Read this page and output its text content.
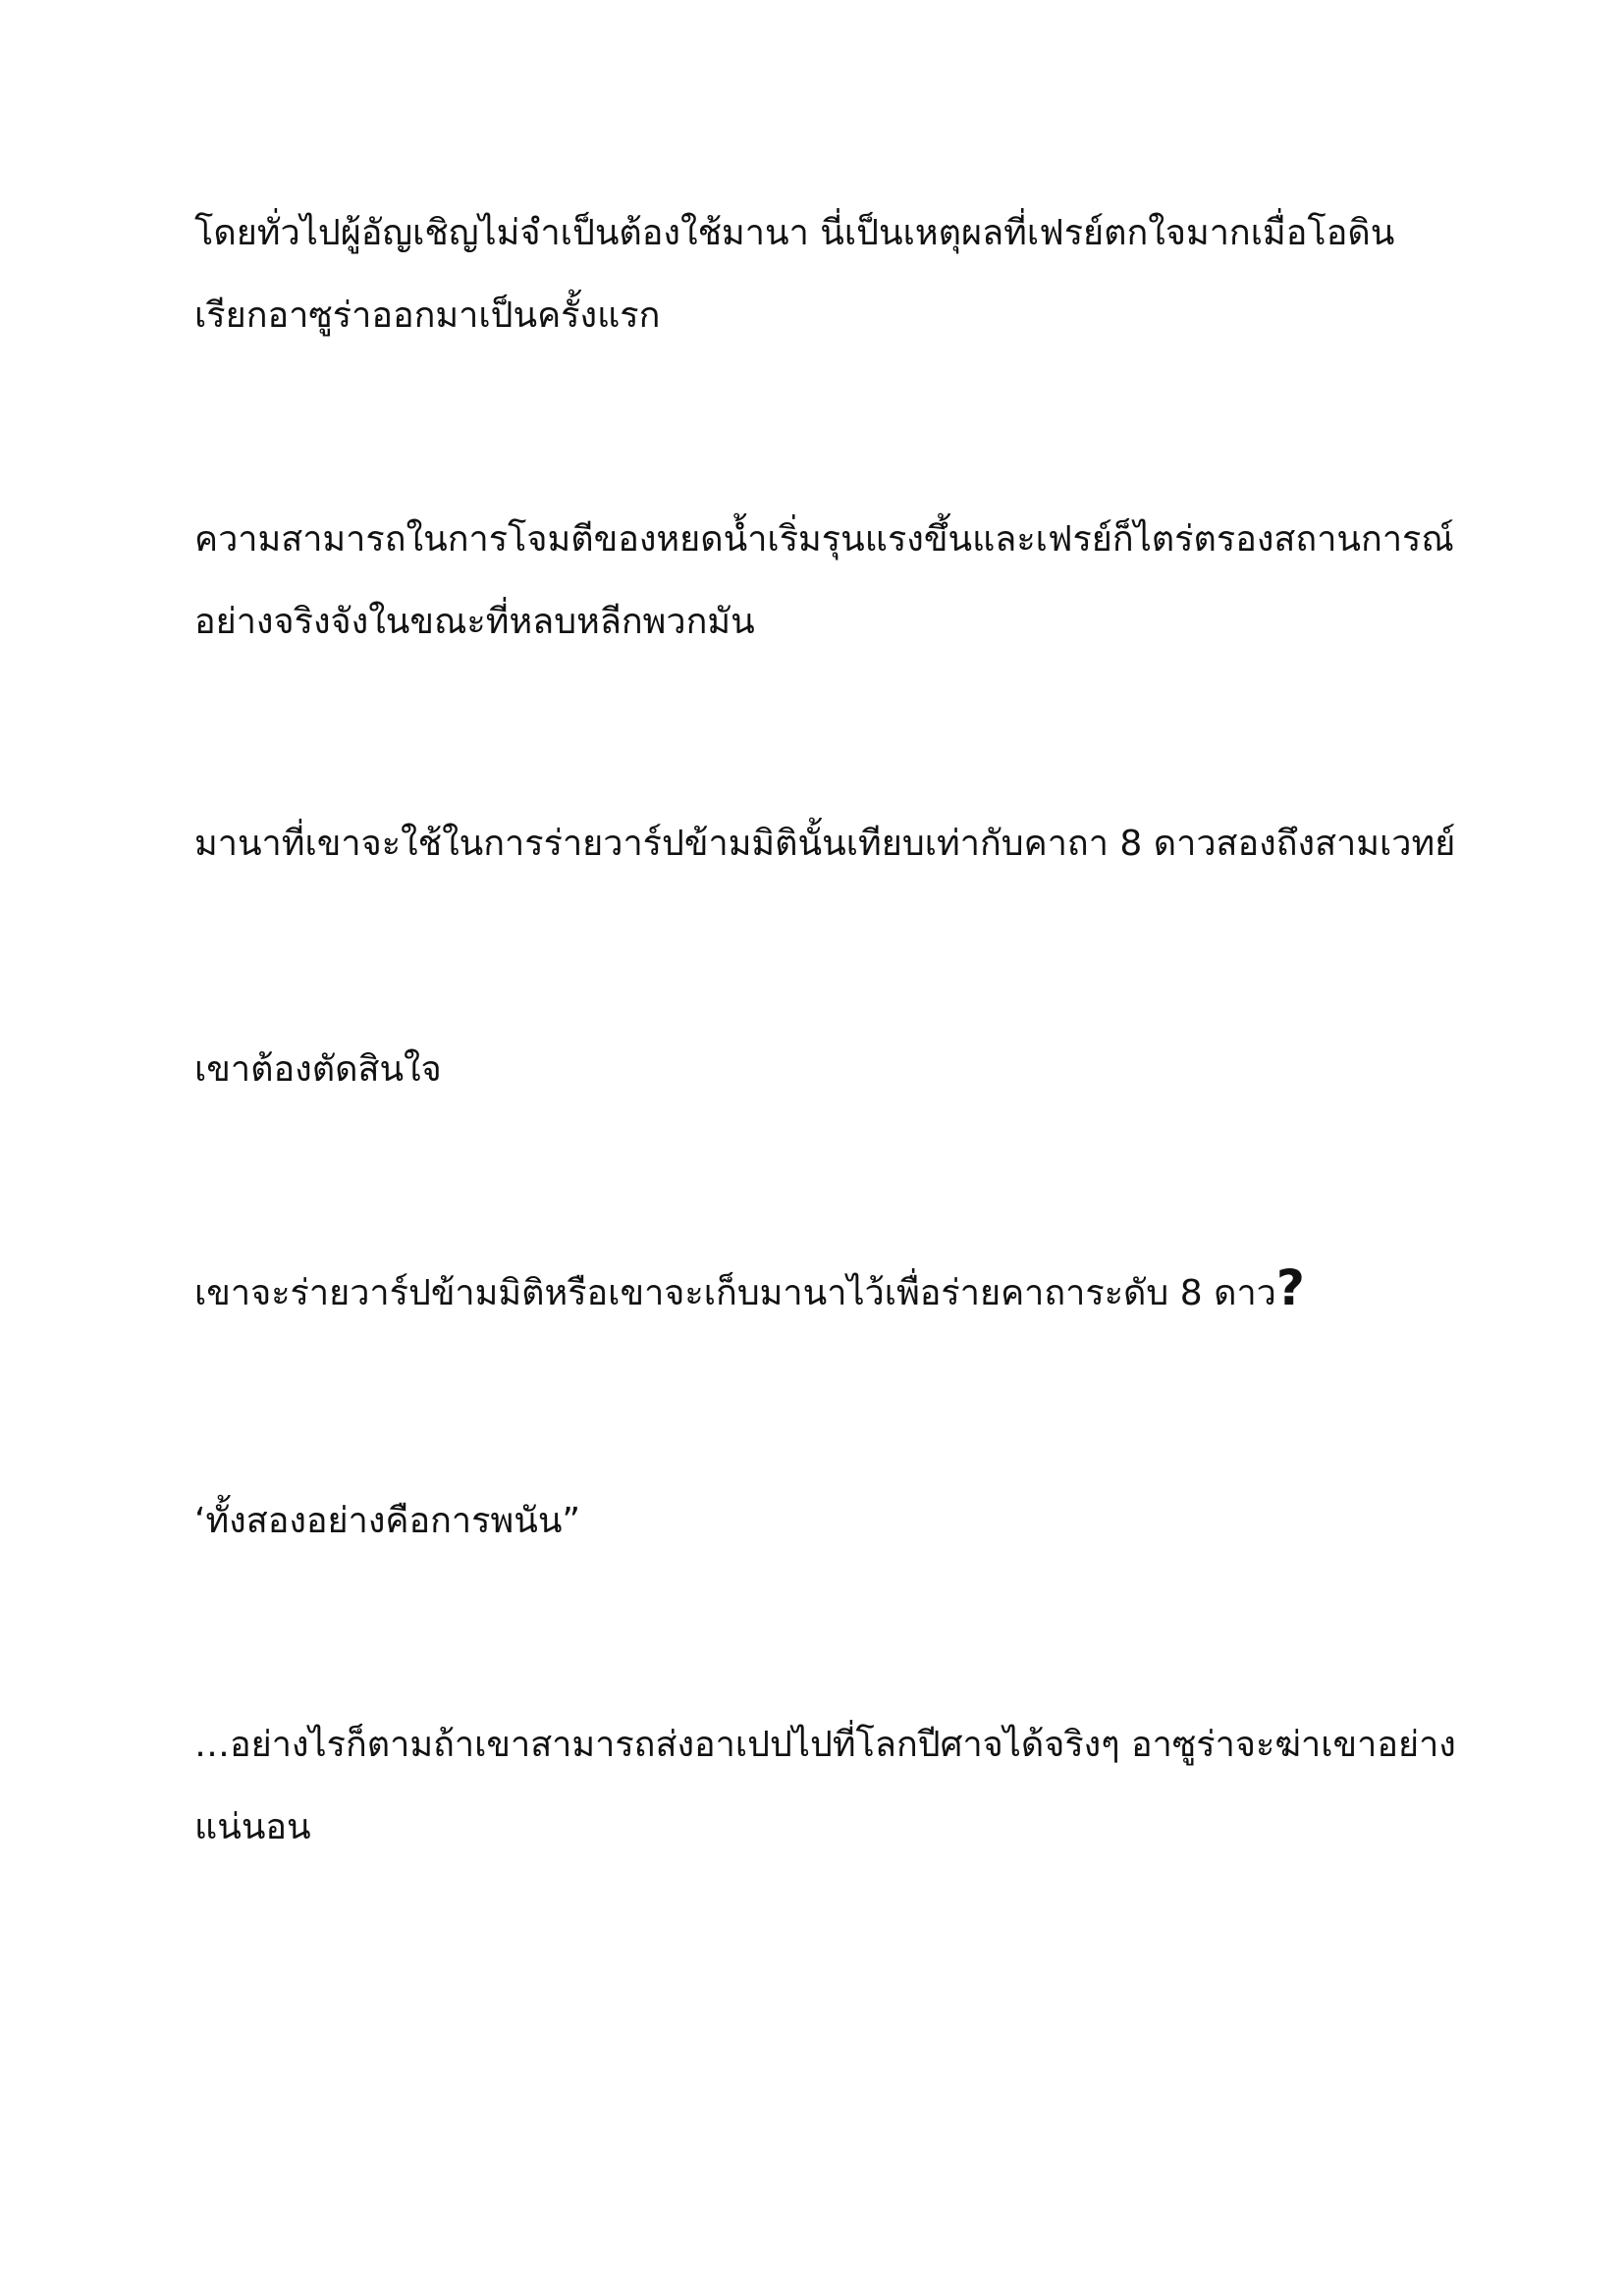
โดยทั่วไปผู้อัญเชิญไม่จำเป็นต้องใช้มานา นี่เป็นเหตุผลที่เฟรย์ตกใจมากเมื่อโอดิน
เรียกอาซูร่าออกมาเป็นครั้งแรก

ความสามารถในการโจมตีของหยดน้ำเริ่มรุนแรงขึ้นและเฟรย์ก็ไตร่ตรองสถานการณ์
อย่างจริงจังในขณะที่หลบหลีกพวกมัน

มานาที่เขาจะใช้ในการร่ายวาร์ปข้ามมิตินั้นเทียบเท่ากับคาถา 8 ดาวสองถึงสามเวทย์

เขาต้องตัดสินใจ

เขาจะร่ายวาร์ปข้ามมิติหรือเขาจะเก็บมานาไว้เพื่อร่ายคาถาระดับ 8 ดาว?

‘ทั้งสองอย่างคือการพนัน”

…อย่างไรก็ตามถ้าเขาสามารถส่งอาเปปไปที่โลกปีศาจได้จริงๆ อาซูร่าจะฆ่าเขาอย่าง
แน่นอน
